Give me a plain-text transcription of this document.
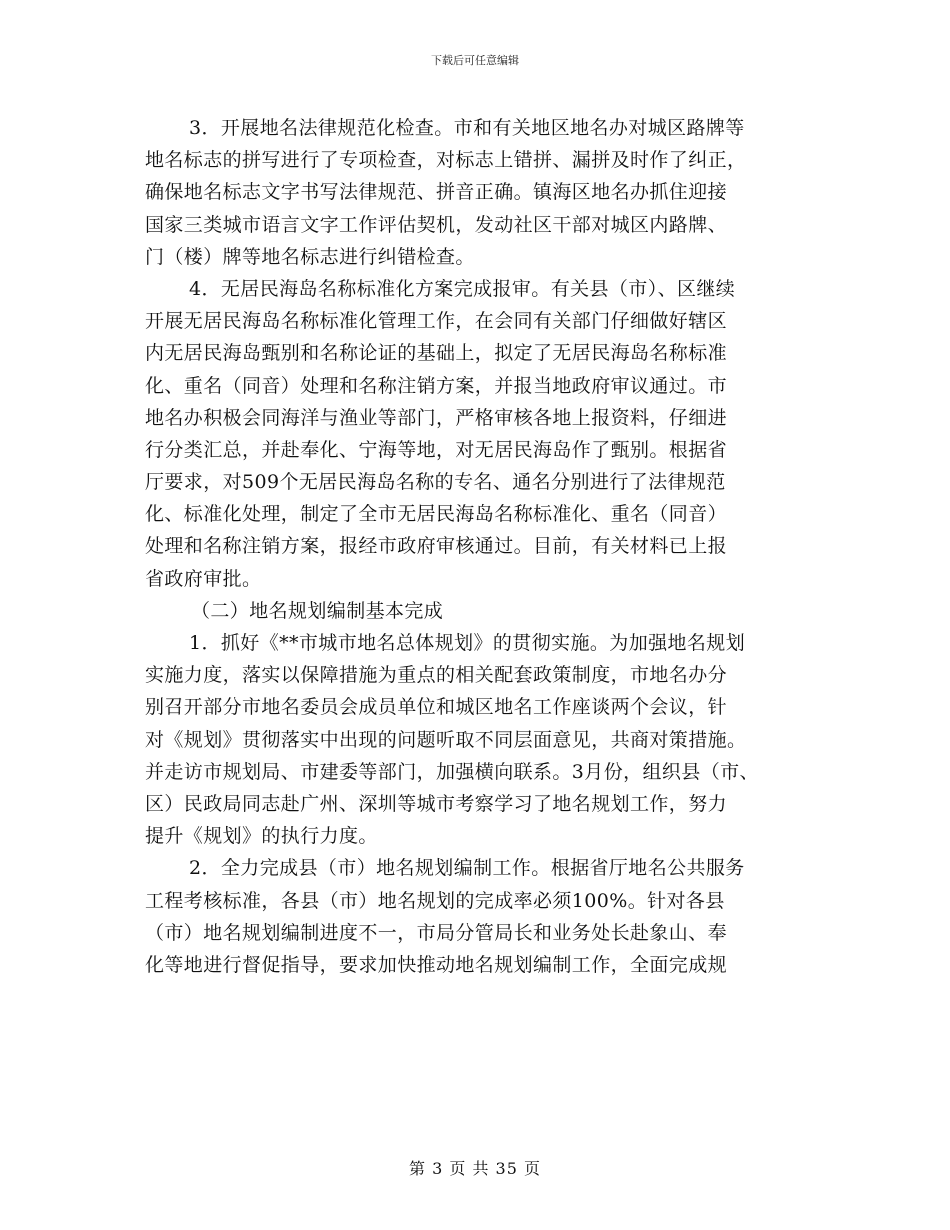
下载后可任意编辑
3．开展地名法律规范化检查。市和有关地区地名办对城区路牌等
地名标志的拼写进行了专项检查，对标志上错拼、漏拼及时作了纠正，
确保地名标志文字书写法律规范、拼音正确。镇海区地名办抓住迎接
国家三类城市语言文字工作评估契机，发动社区干部对城区内路牌、
门（楼）牌等地名标志进行纠错检查。
4．无居民海岛名称标准化方案完成报审。有关县（市）、区继续
开展无居民海岛名称标准化管理工作，在会同有关部门仔细做好辖区
内无居民海岛甄别和名称论证的基础上，拟定了无居民海岛名称标准
化、重名（同音）处理和名称注销方案，并报当地政府审议通过。市
地名办积极会同海洋与渔业等部门，严格审核各地上报资料，仔细进
行分类汇总，并赴奉化、宁海等地，对无居民海岛作了甄别。根据省
厅要求，对509个无居民海岛名称的专名、通名分别进行了法律规范
化、标准化处理，制定了全市无居民海岛名称标准化、重名（同音）
处理和名称注销方案，报经市政府审核通过。目前，有关材料已上报
省政府审批。
（二）地名规划编制基本完成
1．抓好《**市城市地名总体规划》的贯彻实施。为加强地名规划
实施力度，落实以保障措施为重点的相关配套政策制度，市地名办分
别召开部分市地名委员会成员单位和城区地名工作座谈两个会议，针
对《规划》贯彻落实中出现的问题听取不同层面意见，共商对策措施。
并走访市规划局、市建委等部门，加强横向联系。3月份，组织县（市、
区）民政局同志赴广州、深圳等城市考察学习了地名规划工作，努力
提升《规划》的执行力度。
2．全力完成县（市）地名规划编制工作。根据省厅地名公共服务
工程考核标准，各县（市）地名规划的完成率必须100%。针对各县
（市）地名规划编制进度不一，市局分管局长和业务处长赴象山、奉
化等地进行督促指导，要求加快推动地名规划编制工作，全面完成规
第 3 页 共 35 页
